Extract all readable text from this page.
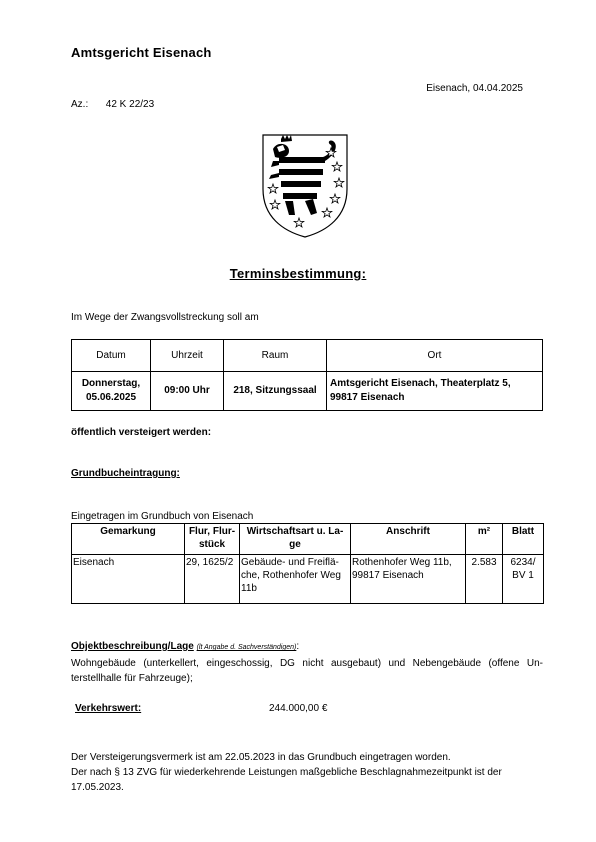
Amtsgericht Eisenach
Eisenach, 04.04.2025
Az.: 42 K 22/23
Terminsbestimmung:
Im Wege der Zwangsvollstreckung soll am
Datum	Uhrzeit	Raum	Ort
Donnerstag,
05.06.2025	09:00 Uhr	218, Sitzungssaal	Amtsgericht Eisenach, Theaterplatz 5, 99817 Eisenach
öffentlich versteigert werden:
Grundbucheintragung:
Eingetragen im Grundbuch von Eisenach
Gemarkung	Flur, Flur-stück	Wirtschaftsart u. La-ge	Anschrift	m²	Blatt
Eisenach	29, 1625/2	Gebäude- und Freiflä-che, Rothenhofer Weg 11b	Rothenhofer Weg 11b, 99817 Eisenach	2.583	6234/ BV 1
Objektbeschreibung/Lage (lt Angabe d. Sachverständigen):
Wohngebäude (unterkellert, eingeschossig, DG nicht ausgebaut) und Nebengebäude (offene Un-terstellhalle für Fahrzeuge);
Verkehrswert:	244.000,00 €
Der Versteigerungsvermerk ist am 22.05.2023 in das Grundbuch eingetragen worden.
Der nach § 13 ZVG für wiederkehrende Leistungen maßgebliche Beschlagnahmezeitpunkt ist der 17.05.2023.
